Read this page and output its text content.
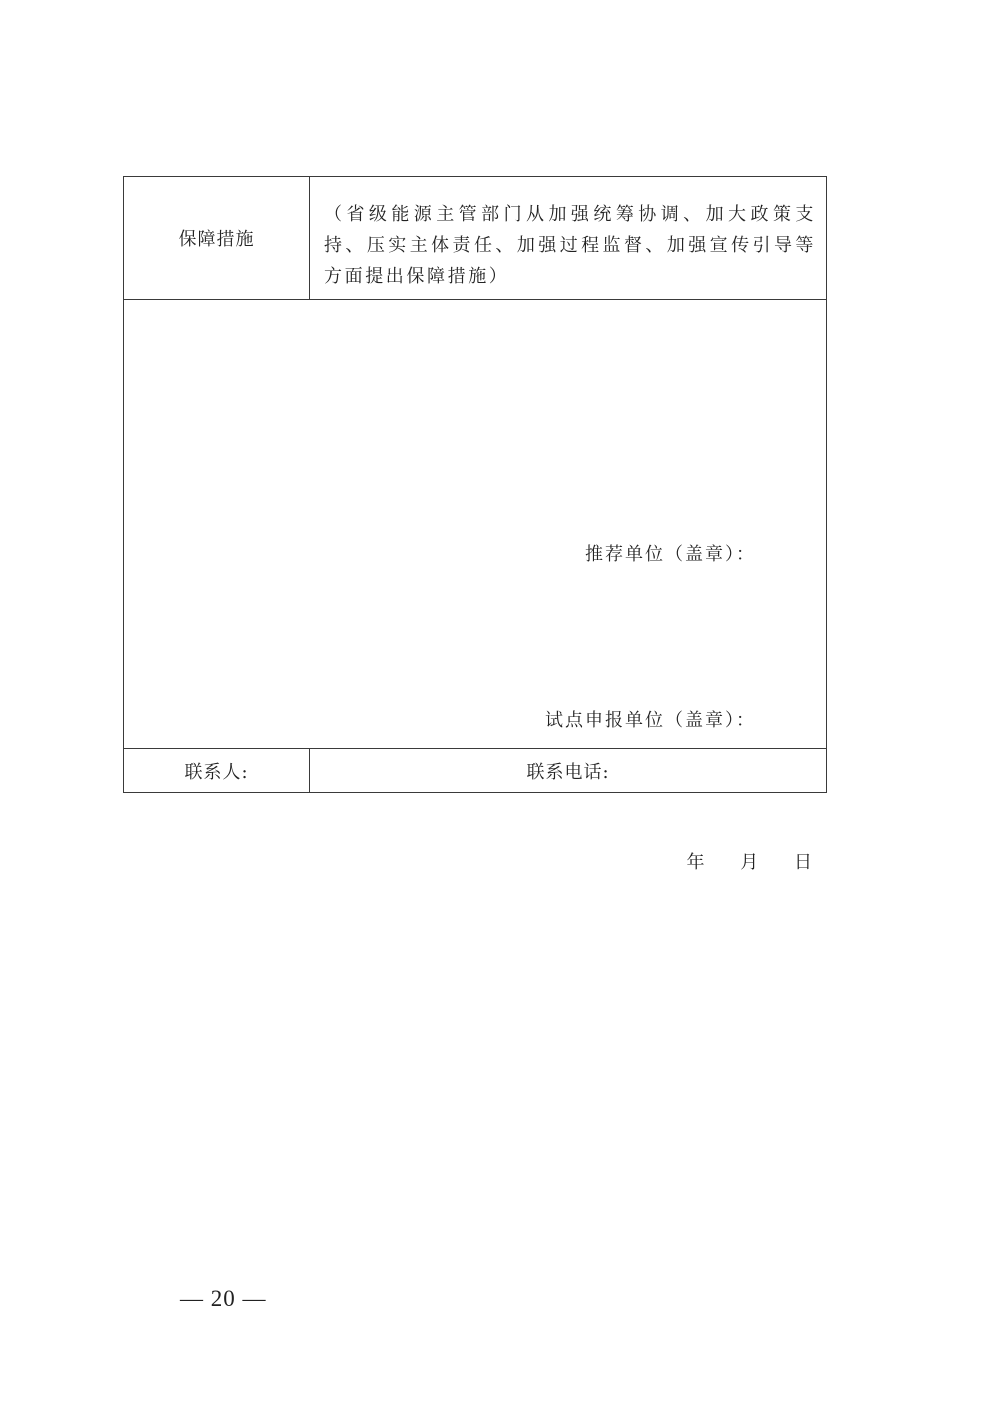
保障措施
（省级能源主管部门从加强统筹协调、加大政策支持、压实主体责任、加强过程监督、加强宣传引导等方面提出保障措施）
推荐单位（盖章）：
试点申报单位（盖章）：
年 月 日
联系人:	联系电话:
— 20 —
